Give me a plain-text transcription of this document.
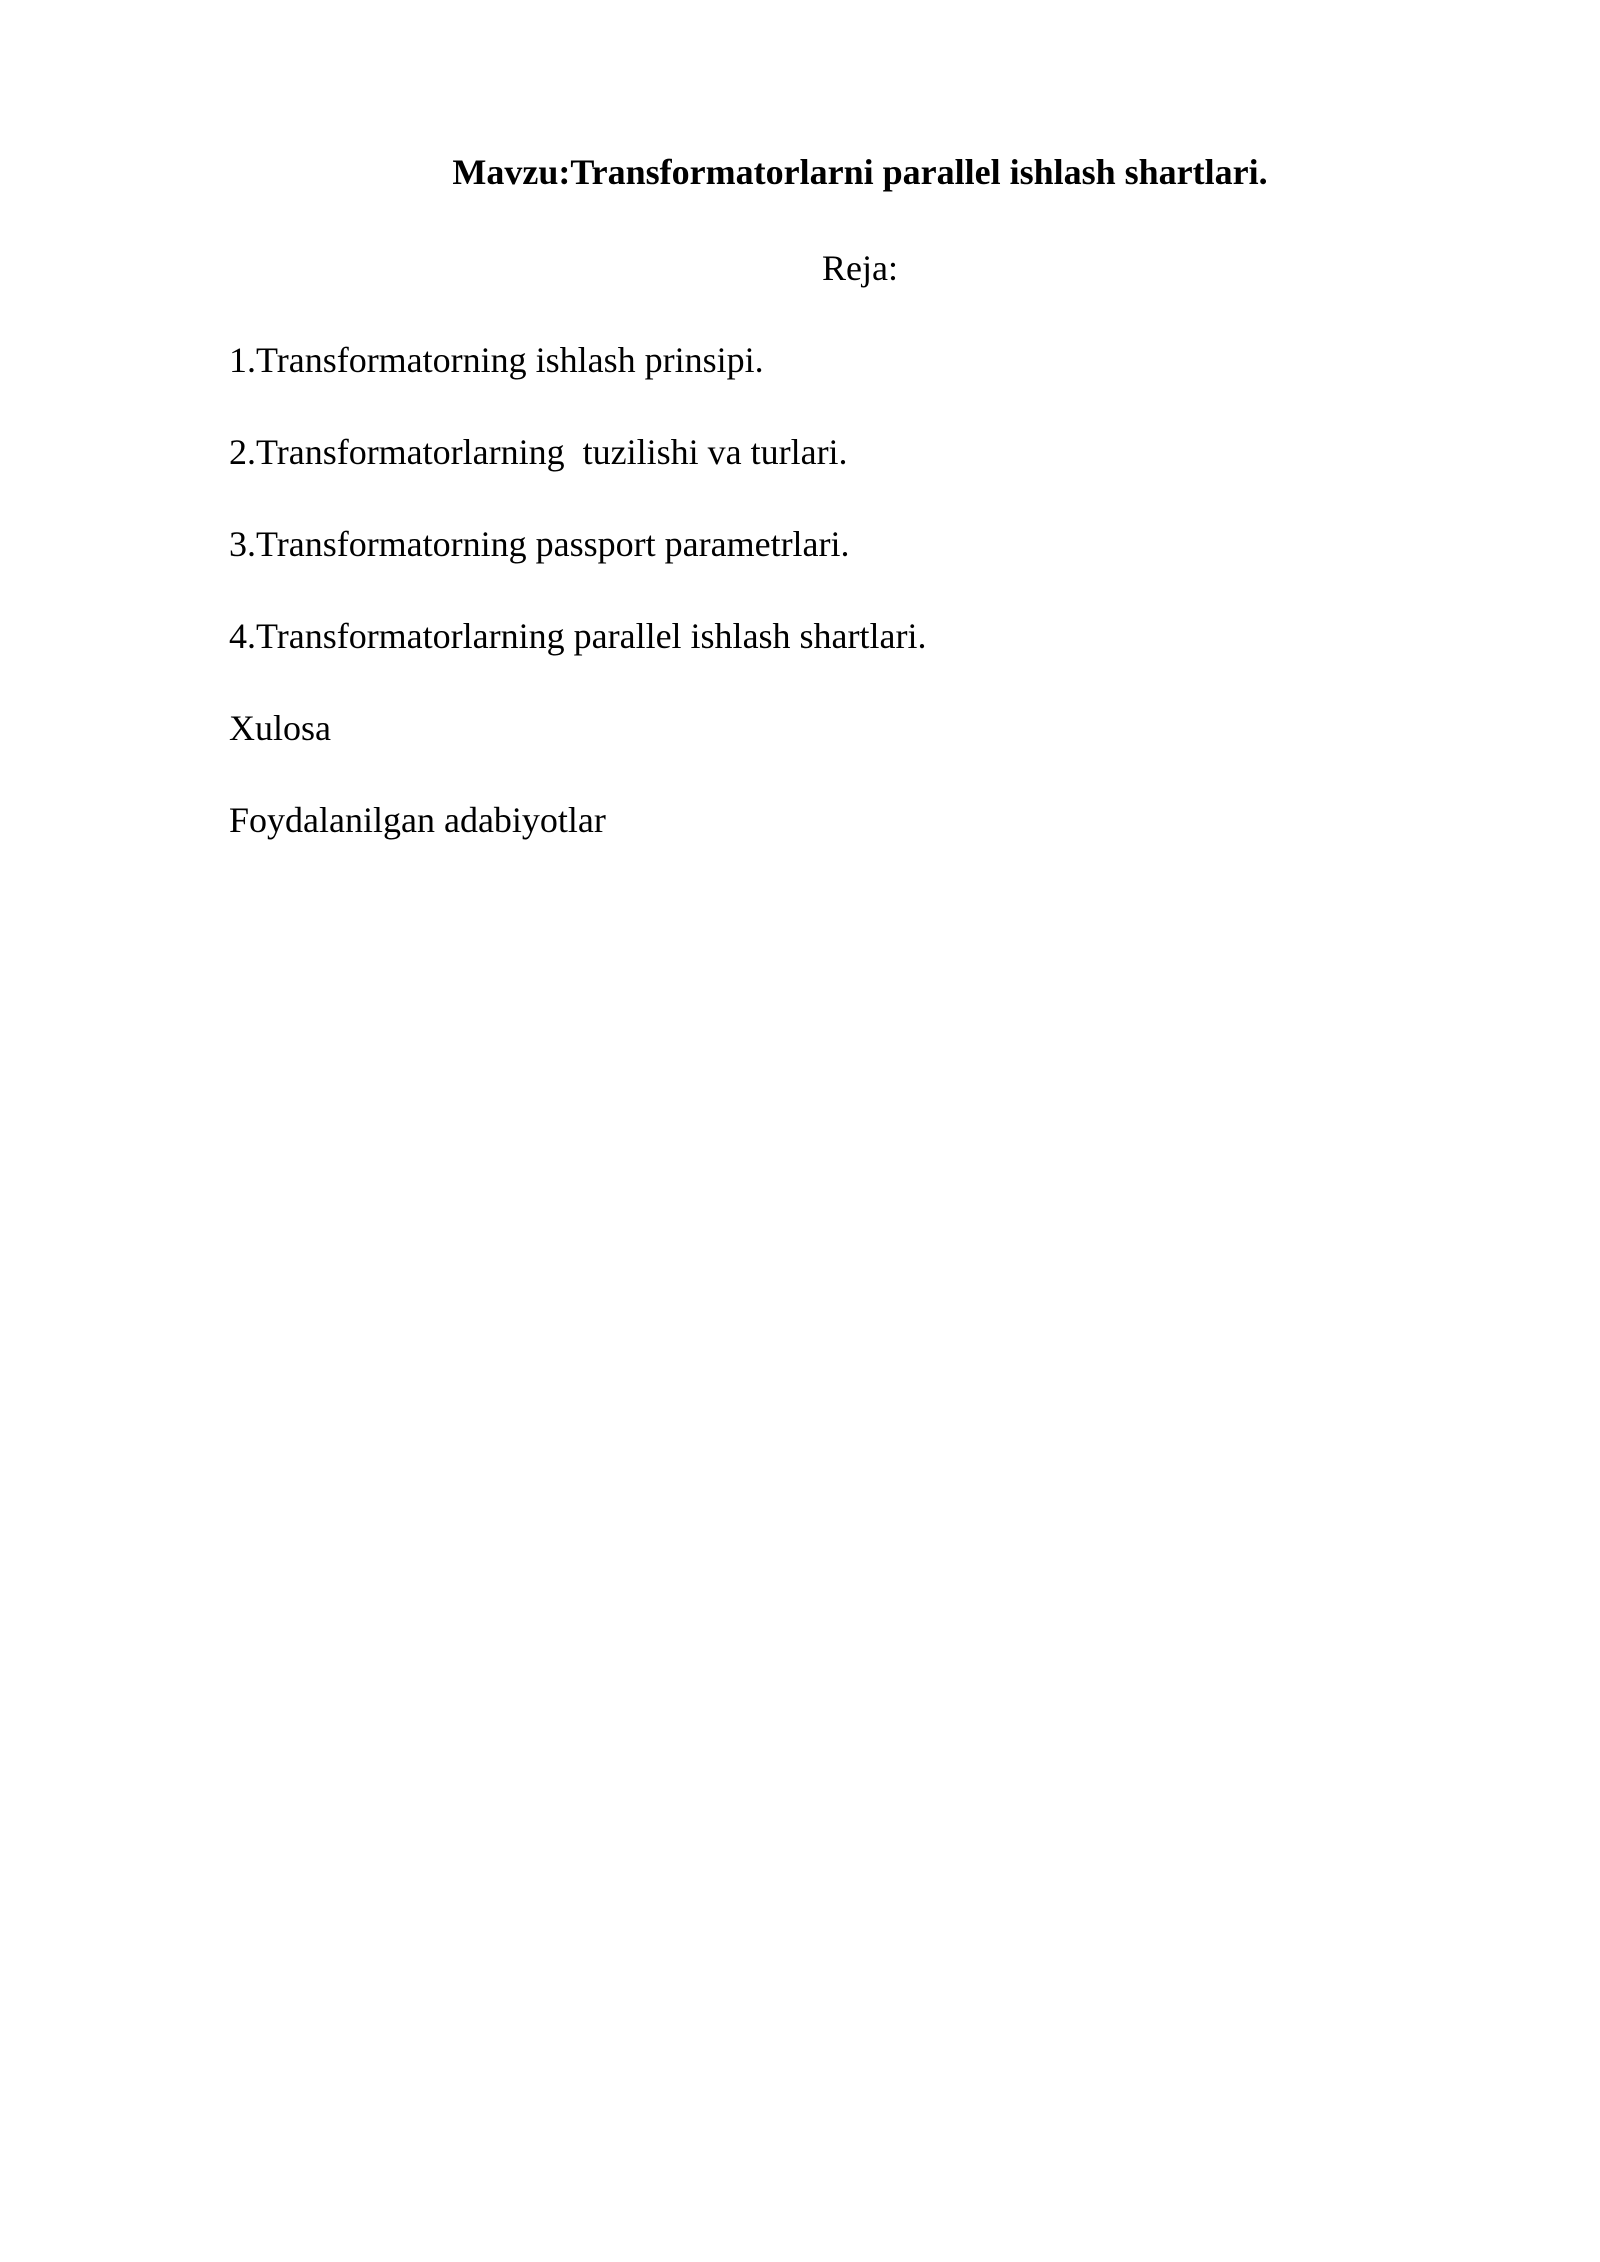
Mavzu:Transformatorlarni parallel ishlash shartlari.
Reja:
1.Transformatorning ishlash prinsipi.
2.Transformatorlarning  tuzilishi va turlari.
3.Transformatorning passport parametrlari.
4.Transformatorlarning parallel ishlash shartlari.
Xulosa
Foydalanilgan adabiyotlar
